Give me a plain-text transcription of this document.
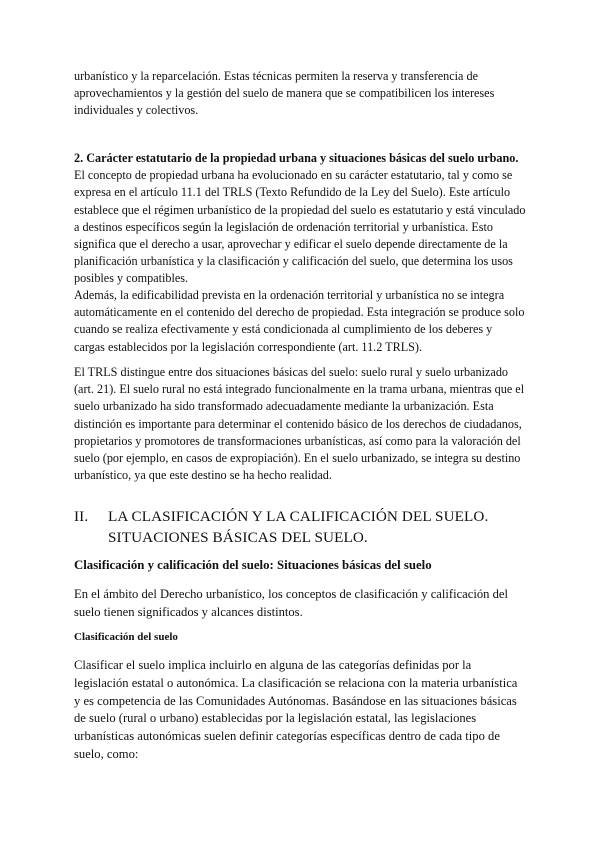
urbanístico y la reparcelación. Estas técnicas permiten la reserva y transferencia de aprovechamientos y la gestión del suelo de manera que se compatibilicen los intereses individuales y colectivos.

2. Carácter estatutario de la propiedad urbana y situaciones básicas del suelo urbano.
El concepto de propiedad urbana ha evolucionado en su carácter estatutario, tal y como se expresa en el artículo 11.1 del TRLS (Texto Refundido de la Ley del Suelo). Este artículo establece que el régimen urbanístico de la propiedad del suelo es estatutario y está vinculado a destinos específicos según la legislación de ordenación territorial y urbanística. Esto significa que el derecho a usar, aprovechar y edificar el suelo depende directamente de la planificación urbanística y la clasificación y calificación del suelo, que determina los usos posibles y compatibles.

Además, la edificabilidad prevista en la ordenación territorial y urbanística no se integra automáticamente en el contenido del derecho de propiedad. Esta integración se produce solo cuando se realiza efectivamente y está condicionada al cumplimiento de los deberes y cargas establecidos por la legislación correspondiente (art. 11.2 TRLS).

El TRLS distingue entre dos situaciones básicas del suelo: suelo rural y suelo urbanizado (art. 21). El suelo rural no está integrado funcionalmente en la trama urbana, mientras que el suelo urbanizado ha sido transformado adecuadamente mediante la urbanización. Esta distinción es importante para determinar el contenido básico de los derechos de ciudadanos, propietarios y promotores de transformaciones urbanísticas, así como para la valoración del suelo (por ejemplo, en casos de expropiación). En el suelo urbanizado, se integra su destino urbanístico, ya que este destino se ha hecho realidad.

II. LA CLASIFICACIÓN Y LA CALIFICACIÓN DEL SUELO.
SITUACIONES BÁSICAS DEL SUELO.

Clasificación y calificación del suelo: Situaciones básicas del suelo

En el ámbito del Derecho urbanístico, los conceptos de clasificación y calificación del suelo tienen significados y alcances distintos.

Clasificación del suelo

Clasificar el suelo implica incluirlo en alguna de las categorías definidas por la legislación estatal o autonómica. La clasificación se relaciona con la materia urbanística y es competencia de las Comunidades Autónomas. Basándose en las situaciones básicas de suelo (rural o urbano) establecidas por la legislación estatal, las legislaciones urbanísticas autonómicas suelen definir categorías específicas dentro de cada tipo de suelo, como:
